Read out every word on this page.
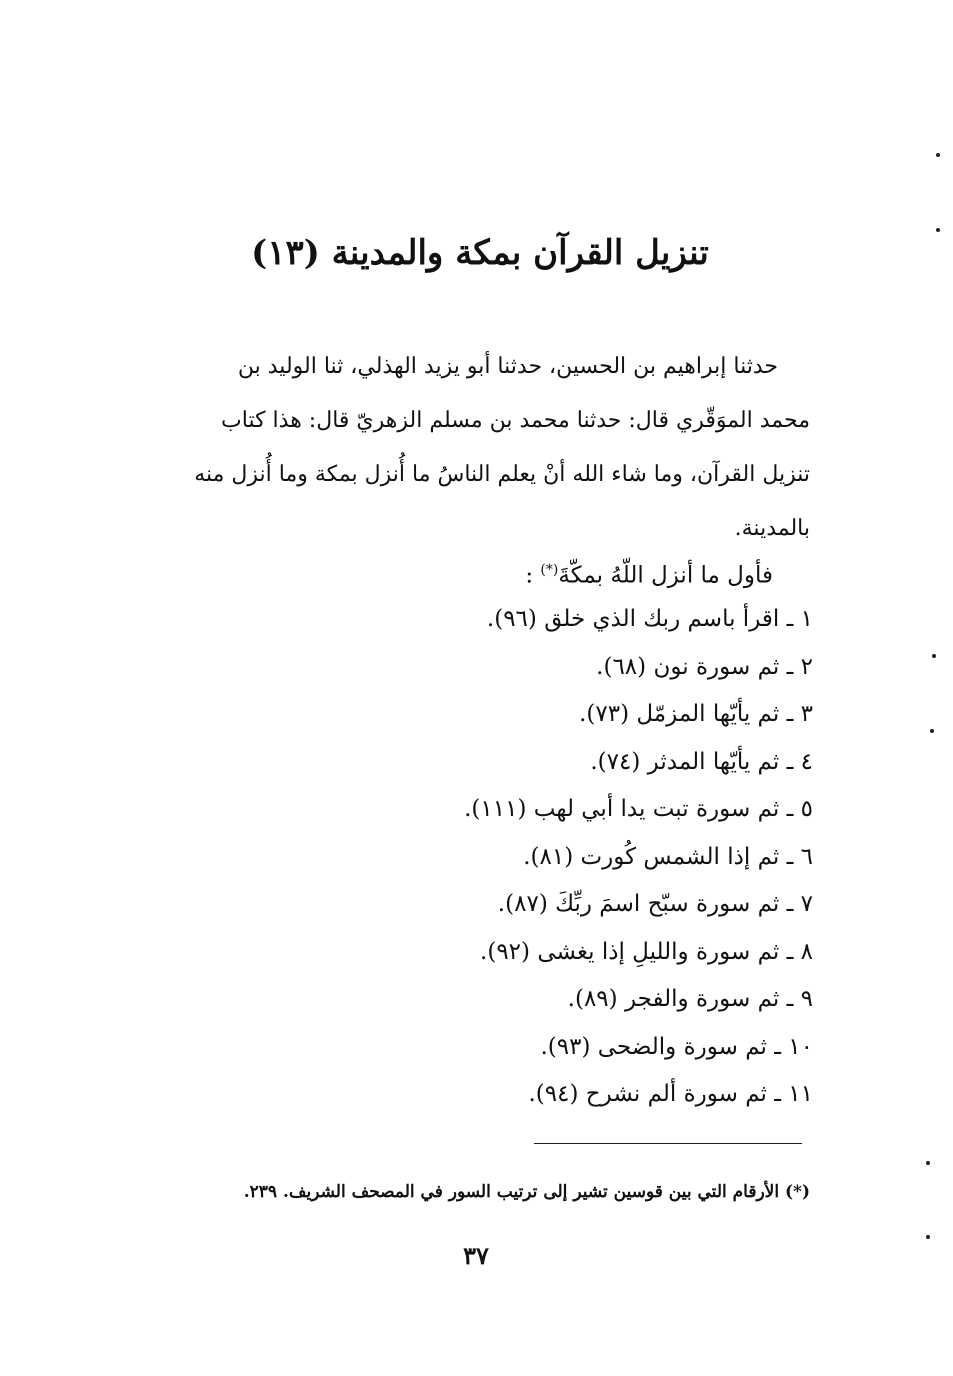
تنزيل القرآن بمكة والمدينة (١٣)
حدثنا إبراهيم بن الحسين، حدثنا أبو يزيد الهذلي، ثنا الوليد بن
محمد الموَقّري قال: حدثنا محمد بن مسلم الزهريّ قال: هذا كتاب
تنزيل القرآن، وما شاء الله أنْ يعلم الناسُ ما أُنزل بمكة وما أُنزل منه
بالمدينة.
فأول ما أنزل اللّهُ بمكّةَ(*) :
١ ـ اقرأ باسم ربك الذي خلق (٩٦).
٢ ـ ثم سورة نون (٦٨).
٣ ـ ثم يأيّها المزمّل (٧٣).
٤ ـ ثم يأيّها المدثر (٧٤).
٥ ـ ثم سورة تبت يدا أبي لهب (١١١).
٦ ـ ثم إذا الشمس كُورت (٨١).
٧ ـ ثم سورة سبّح اسمَ ربِّكَ (٨٧).
٨ ـ ثم سورة والليلِ إذا يغشى (٩٢).
٩ ـ ثم سورة والفجر (٨٩).
١٠ ـ ثم سورة والضحى (٩٣).
١١ ـ ثم سورة ألم نشرح (٩٤).
(*) الأرقام التي بين قوسين تشير إلى ترتيب السور في المصحف الشريف. ٢٣٩.
٣٧
